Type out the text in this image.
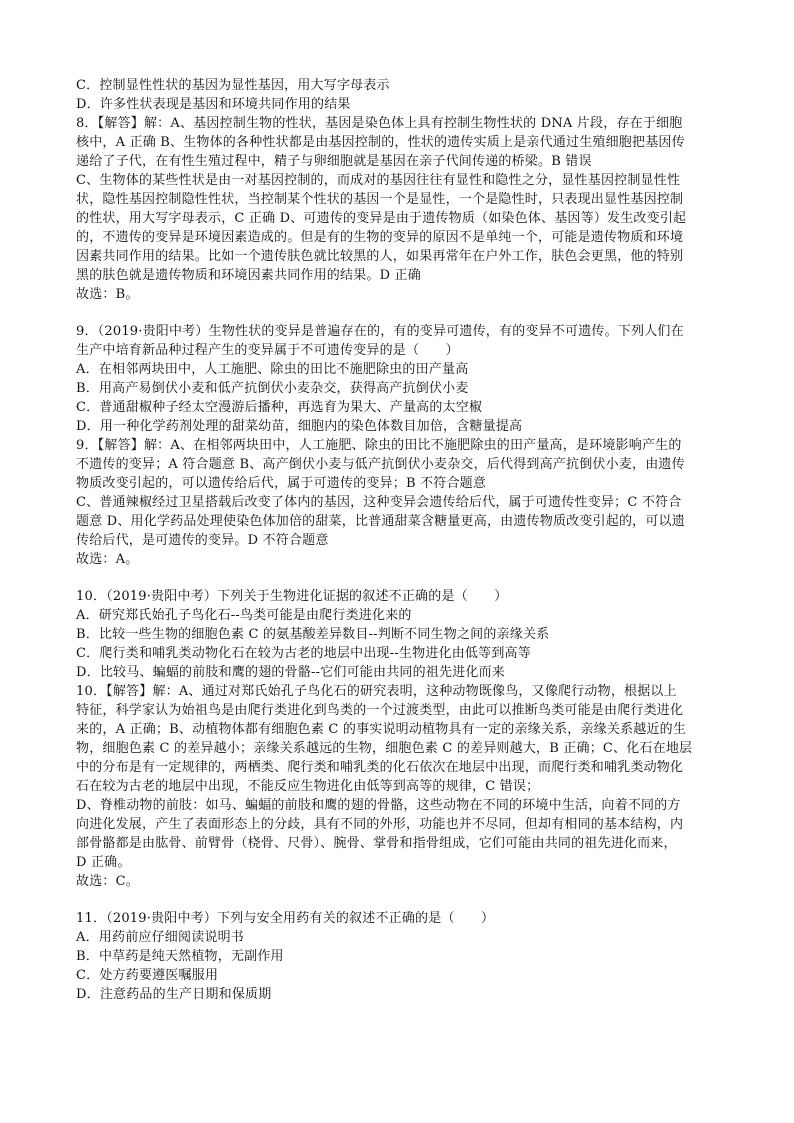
C．控制显性性状的基因为显性基因，用大写字母表示
D．许多性状表现是基因和环境共同作用的结果
8．【解答】解：A、基因控制生物的性状，基因是染色体上具有控制生物性状的 DNA 片段，存在于细胞
核中，A 正确 B、生物体的各种性状都是由基因控制的，性状的遗传实质上是亲代通过生殖细胞把基因传
递给了子代，在有性生殖过程中，精子与卵细胞就是基因在亲子代间传递的桥梁。B 错误
C、生物体的某些性状是由一对基因控制的，而成对的基因往往有显性和隐性之分，显性基因控制显性性
状，隐性基因控制隐性性状，当控制某个性状的基因一个是显性，一个是隐性时，只表现出显性基因控制
的性状，用大写字母表示，C 正确 D、可遗传的变异是由于遗传物质（如染色体、基因等）发生改变引起
的，不遗传的变异是环境因素造成的。但是有的生物的变异的原因不是单纯一个，可能是遗传物质和环境
因素共同作用的结果。比如一个遗传肤色就比较黑的人，如果再常年在户外工作，肤色会更黑，他的特别
黑的肤色就是遗传物质和环境因素共同作用的结果。D 正确
故选：B。
9．（2019·贵阳中考）生物性状的变异是普遍存在的，有的变异可遗传，有的变异不可遗传。下列人们在
生产中培育新品种过程产生的变异属于不可遗传变异的是（　　）
A．在相邻两块田中，人工施肥、除虫的田比不施肥除虫的田产量高
B．用高产易倒伏小麦和低产抗倒伏小麦杂交，获得高产抗倒伏小麦
C．普通甜椒种子经太空漫游后播种，再选育为果大、产量高的太空椒
D．用一种化学药剂处理的甜菜幼苗，细胞内的染色体数目加倍，含糖量提高
9．【解答】解：A、在相邻两块田中，人工施肥、除虫的田比不施肥除虫的田产量高，是环境影响产生的
不遗传的变异；A 符合题意 B、高产倒伏小麦与低产抗倒伏小麦杂交，后代得到高产抗倒伏小麦，由遗传
物质改变引起的，可以遗传给后代，属于可遗传的变异；B 不符合题意
C、普通辣椒经过卫星搭载后改变了体内的基因，这种变异会遗传给后代，属于可遗传性变异；C 不符合
题意 D、用化学药品处理使染色体加倍的甜菜，比普通甜菜含糖量更高，由遗传物质改变引起的，可以遗
传给后代，是可遗传的变异。D 不符合题意
故选：A。
10．（2019·贵阳中考）下列关于生物进化证据的叙述不正确的是（　　）
A．研究郑氏始孔子鸟化石--鸟类可能是由爬行类进化来的
B．比较一些生物的细胞色素 C 的氨基酸差异数目--判断不同生物之间的亲缘关系
C．爬行类和哺乳类动物化石在较为古老的地层中出现--生物进化由低等到高等
D．比较马、蝙蝠的前肢和鹰的翅的骨骼--它们可能由共同的祖先进化而来
10．【解答】解：A、通过对郑氏始孔子鸟化石的研究表明，这种动物既像鸟，又像爬行动物，根据以上
特征，科学家认为始祖鸟是由爬行类进化到鸟类的一个过渡类型，由此可以推断鸟类可能是由爬行类进化
来的，A 正确；B、动植物体都有细胞色素 C 的事实说明动植物具有一定的亲缘关系，亲缘关系越近的生
物，细胞色素 C 的差异越小；亲缘关系越远的生物，细胞色素 C 的差异则越大，B 正确；C、化石在地层
中的分布是有一定规律的，两栖类、爬行类和哺乳类的化石依次在地层中出现，而爬行类和哺乳类动物化
石在较为古老的地层中出现，不能反应生物进化由低等到高等的规律，C 错误；
D、脊椎动物的前肢：如马、蝙蝠的前肢和鹰的翅的骨骼，这些动物在不同的环境中生活，向着不同的方
向进化发展，产生了表面形态上的分歧，具有不同的外形，功能也并不尽同，但却有相同的基本结构，内
部骨骼都是由肱骨、前臂骨（桡骨、尺骨）、腕骨、掌骨和指骨组成，它们可能由共同的祖先进化而来，
D 正确。
故选：C。
11．（2019·贵阳中考）下列与安全用药有关的叙述不正确的是（　　）
A．用药前应仔细阅读说明书
B．中草药是纯天然植物，无副作用
C．处方药要遵医嘱服用
D．注意药品的生产日期和保质期
